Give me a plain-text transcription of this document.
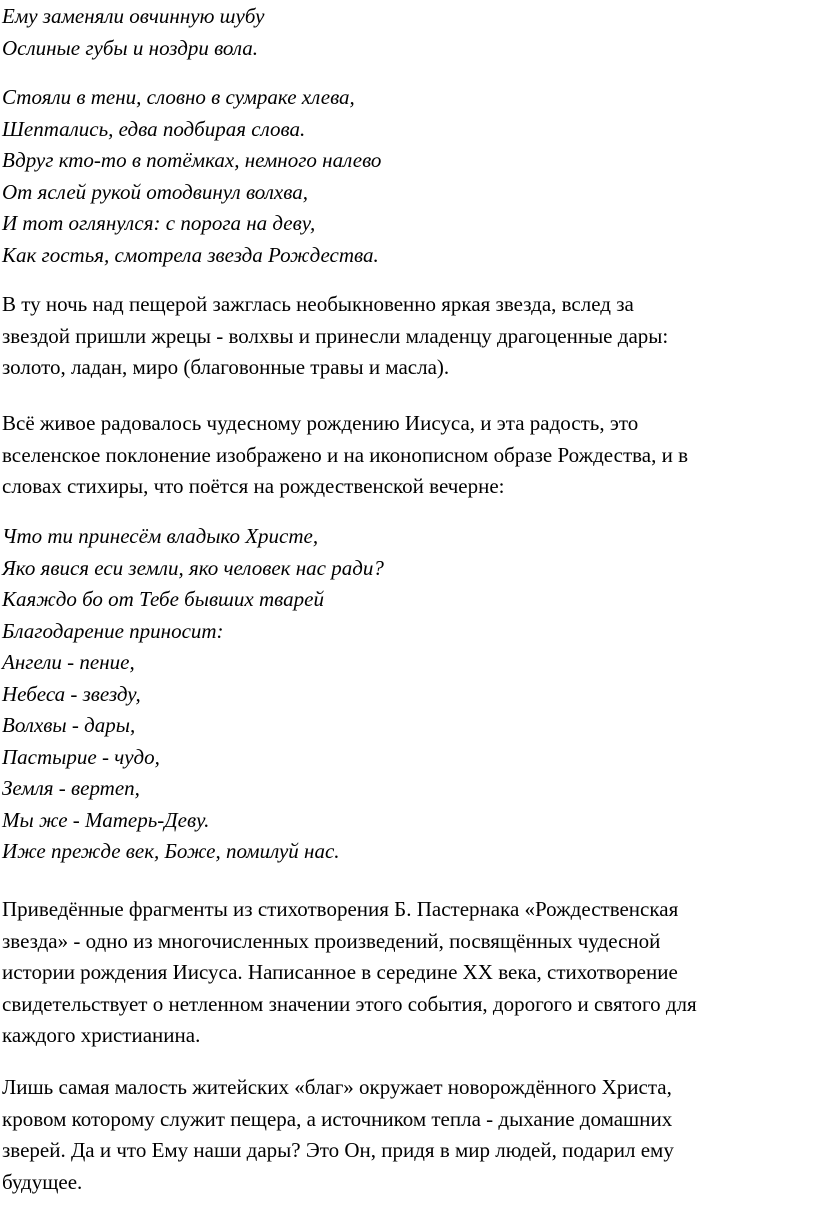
Ему заменяли овчинную шубу
Ослиные губы и ноздри вола.
Стояли в тени, словно в сумраке хлева,
Шептались, едва подбирая слова.
Вдруг кто-то в потёмках, немного налево
От яслей рукой отодвинул волхва,
И тот оглянулся: с порога на деву,
Как гостья, смотрела звезда Рождества.
В ту ночь над пещерой зажглась необыкновенно яркая звезда, вслед за
звездой пришли жрецы - волхвы и принесли младенцу драгоценные дары:
золото, ладан, миро (благовонные травы и масла).
Всё живое радовалось чудесному рождению Иисуса, и эта радость, это
вселенское поклонение изображено и на иконописном образе Рождества, и в
словах стихиры, что поётся на рождественской вечерне:
Что ти принесём владыко Христе,
Яко явися еси земли, яко человек нас ради?
Каяждо бо от Тебе бывших тварей
Благодарение приносит:
Ангели - пение,
Небеса - звезду,
Волхвы - дары,
Пастырие - чудо,
Земля - вертеп,
Мы же - Матерь-Деву.
Иже прежде век, Боже, помилуй нас.
Приведённые фрагменты из стихотворения Б. Пастернака «Рождественская
звезда» - одно из многочисленных произведений, посвящённых чудесной
истории рождения Иисуса. Написанное в середине XX века, стихотворение
свидетельствует о нетленном значении этого события, дорогого и святого для
каждого христианина.
Лишь самая малость житейских «благ» окружает новорождённого Христа,
кровом которому служит пещера, а источником тепла - дыхание домашних
зверей. Да и что Ему наши дары? Это Он, придя в мир людей, подарил ему
будущее.
